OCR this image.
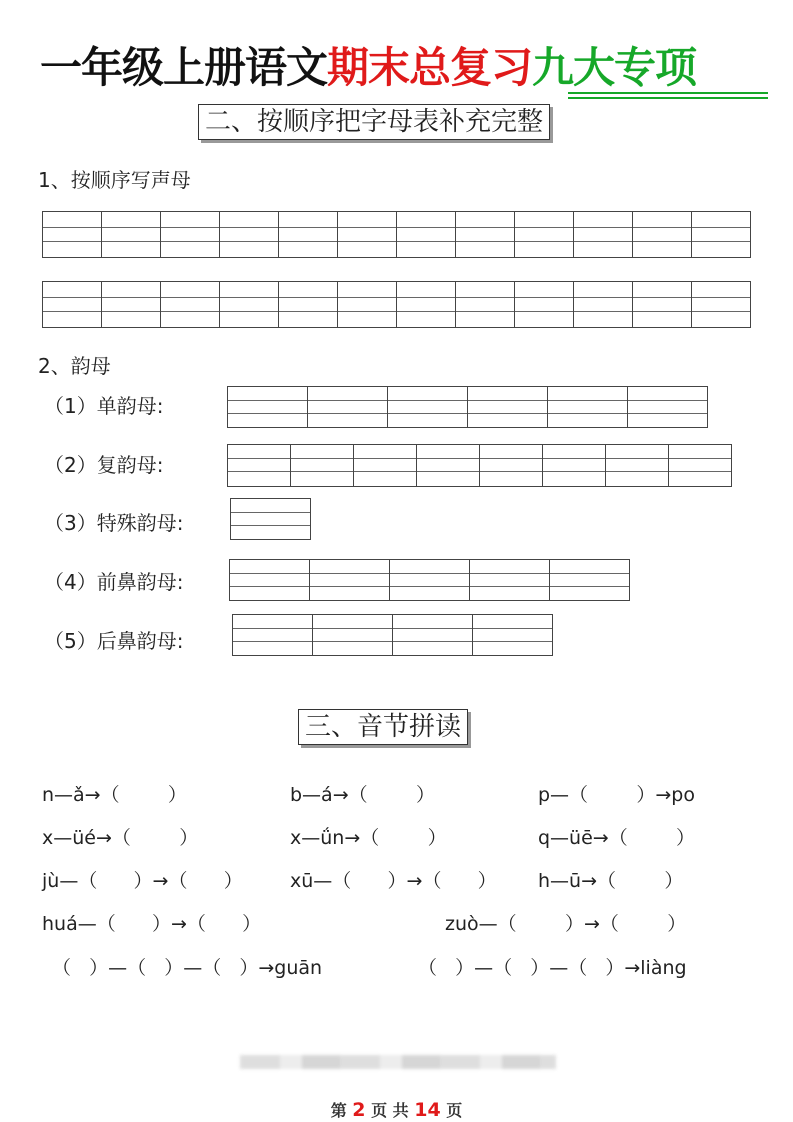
一年级上册语文期末总复习九大专项
二、按顺序把字母表补充完整
1、按顺序写声母
2、韵母
（1）单韵母:
（2）复韵母:
（3）特殊韵母:
（4）前鼻韵母:
（5）后鼻韵母:
三、音节拼读
n—ǎ→（        ）	b—á→（        ）	p—（        ）→po
x—üé→（        ）	x—ǘn→（        ）	q—üē→（        ）
jù—（      ）→（      ） xū—（      ）→（      ） h—ū→（        ）
huá—（      ）→（      ）	zuò—（        ）→（        ）
（   ）—（   ）—（   ）→guān	（   ）—（   ）—（   ）→liàng
第 2 页 共 14 页
